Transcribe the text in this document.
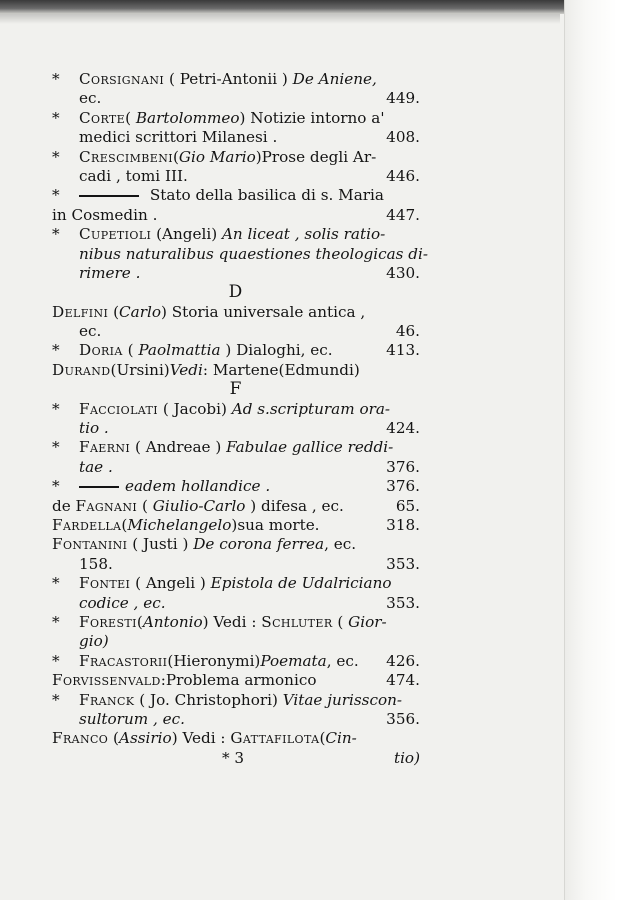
* Corsignani ( Petri-Antonii ) De Aniene,
ec.	449.
* Corte( Bartolommeo) Notizie intorno a'
medici scrittori Milanesi .	408.
* Crescimbeni(Gio Mario)Prose degli Ar-
cadi , tomi III.	446.
*	Stato della basilica di s. Maria
in Cosmedin .	447.
* Cupetioli (Angeli) An liceat , solis ratio-
nibus naturalibus quaestiones theologicas di-
rimere .	430.
D
Delfini (Carlo) Storia universale antica ,
ec.	46.
* Doria ( Paolmattia ) Dialoghi, ec.	413.
Durand(Ursini)Vedi: Martene(Edmundi)
F
* Facciolati ( Jacobi) Ad s.scripturam ora-
tio .	424.
* Faerni ( Andreae ) Fabulae gallice reddi-
tae .	376.
*	eadem hollandice .	376.
de Fagnani ( Giulio-Carlo ) difesa , ec.	65.
Fardella(Michelangelo)sua morte.	318.
Fontanini ( Justi ) De corona ferrea, ec.
158.	353.
* Fontei ( Angeli ) Epistola de Udalriciano
codice , ec.	353.
* Foresti(Antonio) Vedi : Schluter ( Gior-
gio)
* Fracastorii(Hieronymi)Poemata, ec. 426.
Forvissenvald:Problema armonico	474.
* Franck ( Jo. Christophori) Vitae jurisscon-
sultorum , ec.	356.
Franco (Assirio) Vedi : Gattafilota(Cin-
* 3	tio)
